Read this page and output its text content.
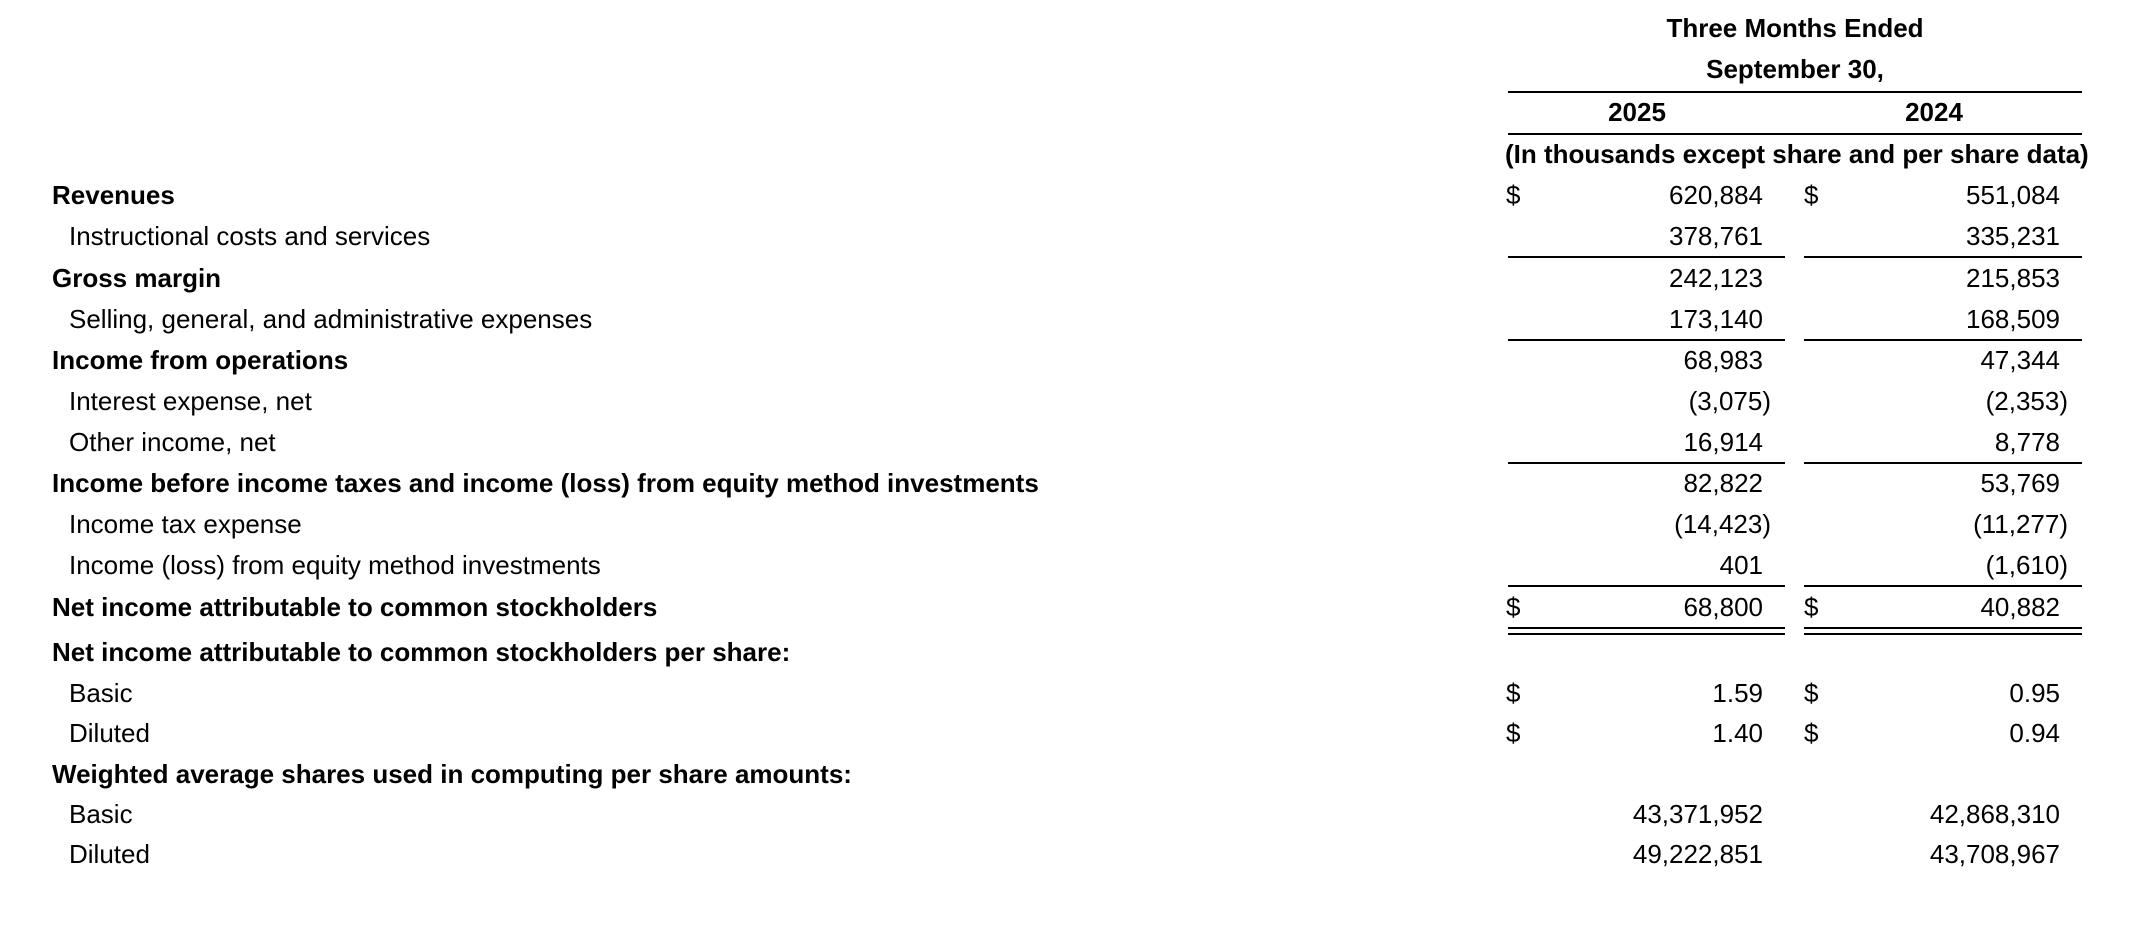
Three Months Ended
September 30,
2025	2024
(In thousands except share and per share data)
Revenues	$	620,884 $	551,084
Instructional costs and services	378,761	335,231
Gross margin	242,123	215,853
Selling, general, and administrative expenses	173,140	168,509
Income from operations	68,983	47,344
Interest expense, net	(3,075)	(2,353)
Other income, net	16,914	8,778
Income before income taxes and income (loss) from equity method investments	82,822	53,769
Income tax expense	(14,423)	(11,277)
Income (loss) from equity method investments	401	(1,610)
Net income attributable to common stockholders	$	68,800 $	40,882
Net income attributable to common stockholders per share:
Basic	$	1.59 $	0.95
Diluted	$	1.40 $	0.94
Weighted average shares used in computing per share amounts:
Basic	43,371,952	42,868,310
Diluted	49,222,851	43,708,967
